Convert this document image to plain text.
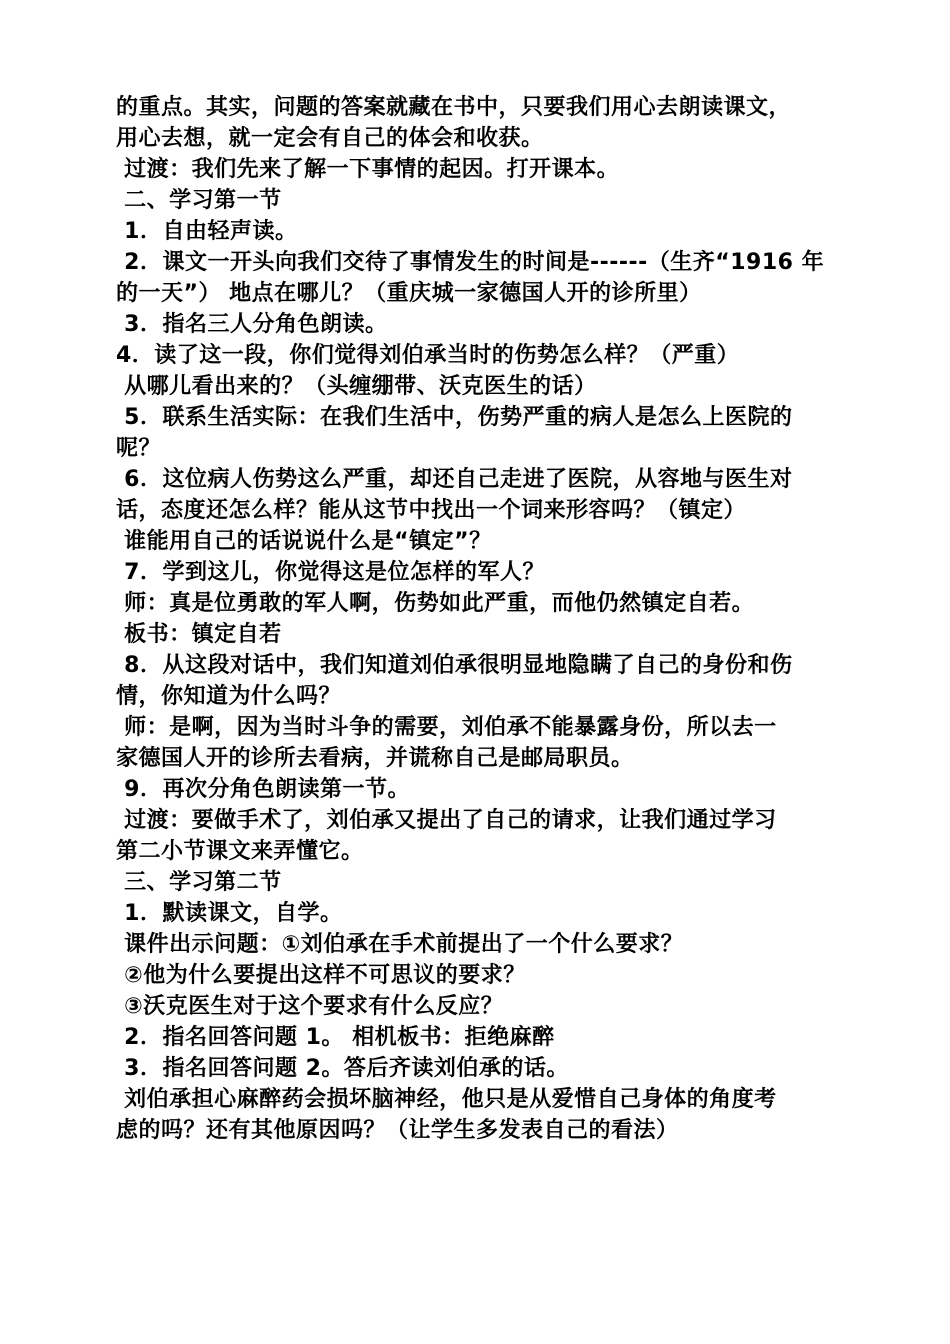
的重点。其实，问题的答案就藏在书中，只要我们用心去朗读课文，
用心去想，就一定会有自己的体会和收获。
过渡：我们先来了解一下事情的起因。打开课本。
二、学习第一节
1．自由轻声读。
2．课文一开头向我们交待了事情发生的时间是------（生齐“1916 年
的一天”） 地点在哪儿？（重庆城一家德国人开的诊所里）
3．指名三人分角色朗读。
4．读了这一段，你们觉得刘伯承当时的伤势怎么样？（严重）
从哪儿看出来的？（头缠绷带、沃克医生的话）
5．联系生活实际：在我们生活中，伤势严重的病人是怎么上医院的
呢？
6．这位病人伤势这么严重，却还自己走进了医院，从容地与医生对
话，态度还怎么样？能从这节中找出一个词来形容吗？（镇定）
谁能用自己的话说说什么是“镇定”？
7．学到这儿，你觉得这是位怎样的军人？
师：真是位勇敢的军人啊，伤势如此严重，而他仍然镇定自若。
板书：镇定自若
8．从这段对话中，我们知道刘伯承很明显地隐瞒了自己的身份和伤
情，你知道为什么吗？
师：是啊，因为当时斗争的需要，刘伯承不能暴露身份，所以去一
家德国人开的诊所去看病，并谎称自己是邮局职员。
9．再次分角色朗读第一节。
过渡：要做手术了，刘伯承又提出了自己的请求，让我们通过学习
第二小节课文来弄懂它。
三、学习第二节
1．默读课文，自学。
课件出示问题：①刘伯承在手术前提出了一个什么要求？
②他为什么要提出这样不可思议的要求？
③沃克医生对于这个要求有什么反应？
2．指名回答问题 1。 相机板书：拒绝麻醉
3．指名回答问题 2。答后齐读刘伯承的话。
刘伯承担心麻醉药会损坏脑神经，他只是从爱惜自己身体的角度考
虑的吗？还有其他原因吗？（让学生多发表自己的看法）
